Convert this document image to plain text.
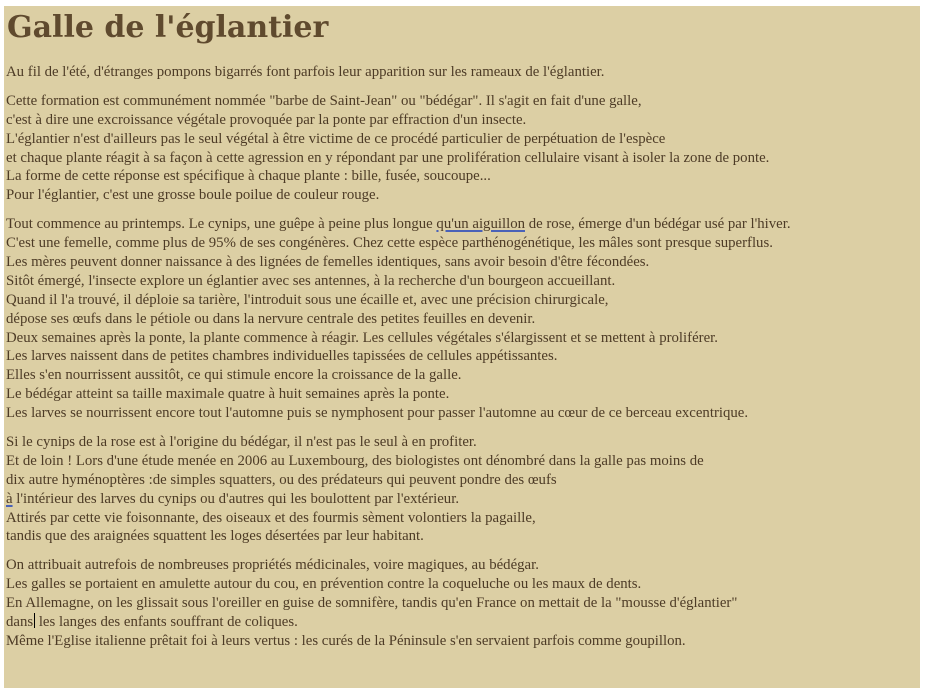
Galle de l'églantier

Au fil de l'été, d'étranges pompons bigarrés font parfois leur apparition sur les rameaux de l'églantier.

Cette formation est communément nommée "barbe de Saint-Jean" ou "bédégar". Il s'agit en fait d'une galle,
c'est à dire une excroissance végétale provoquée par la ponte par effraction d'un insecte.
L'églantier n'est d'ailleurs pas le seul végétal à être victime de ce procédé particulier de perpétuation de l'espèce
et chaque plante réagit à sa façon à cette agression en y répondant par une prolifération cellulaire visant à isoler la zone de ponte.
La forme de cette réponse est spécifique à chaque plante : bille, fusée, soucoupe...
Pour l'églantier, c'est une grosse boule poilue de couleur rouge.

Tout commence au printemps. Le cynips, une guêpe à peine plus longue qu'un aiguillon de rose, émerge d'un bédégar usé par l'hiver.
C'est une femelle, comme plus de 95% de ses congénères. Chez cette espèce parthénogénétique, les mâles sont presque superflus.
Les mères peuvent donner naissance à des lignées de femelles identiques, sans avoir besoin d'être fécondées.
Sitôt émergé, l'insecte explore un églantier avec ses antennes, à la recherche d'un bourgeon accueillant.
Quand il l'a trouvé, il déploie sa tarière, l'introduit sous une écaille et, avec une précision chirurgicale,
dépose ses œufs dans le pétiole ou dans la nervure centrale des petites feuilles en devenir.
Deux semaines après la ponte, la plante commence à réagir. Les cellules végétales s'élargissent et se mettent à proliférer.
Les larves naissent dans de petites chambres individuelles tapissées de cellules appétissantes.
Elles s'en nourrissent aussitôt, ce qui stimule encore la croissance de la galle.
Le bédégar atteint sa taille maximale quatre à huit semaines après la ponte.
Les larves se nourrissent encore tout l'automne puis se nymphosent pour passer l'automne au cœur de ce berceau excentrique.

Si le cynips de la rose est à l'origine du bédégar, il n'est pas le seul à en profiter.
Et de loin ! Lors d'une étude menée en 2006 au Luxembourg, des biologistes ont dénombré dans la galle pas moins de
dix autre hyménoptères :de simples squatters, ou des prédateurs qui peuvent pondre des œufs
à l'intérieur des larves du cynips ou d'autres qui les boulottent par l'extérieur.
Attirés par cette vie foisonnante, des oiseaux et des fourmis sèment volontiers la pagaille,
tandis que des araignées squattent les loges désertées par leur habitant.

On attribuait autrefois de nombreuses propriétés médicinales, voire magiques, au bédégar.
Les galles se portaient en amulette autour du cou, en prévention contre la coqueluche ou les maux de dents.
En Allemagne, on les glissait sous l'oreiller en guise de somnifère, tandis qu'en France on mettait de la "mousse d'églantier"
dans les langes des enfants souffrant de coliques.
Même l'Eglise italienne prêtait foi à leurs vertus : les curés de la Péninsule s'en servaient parfois comme goupillon.
